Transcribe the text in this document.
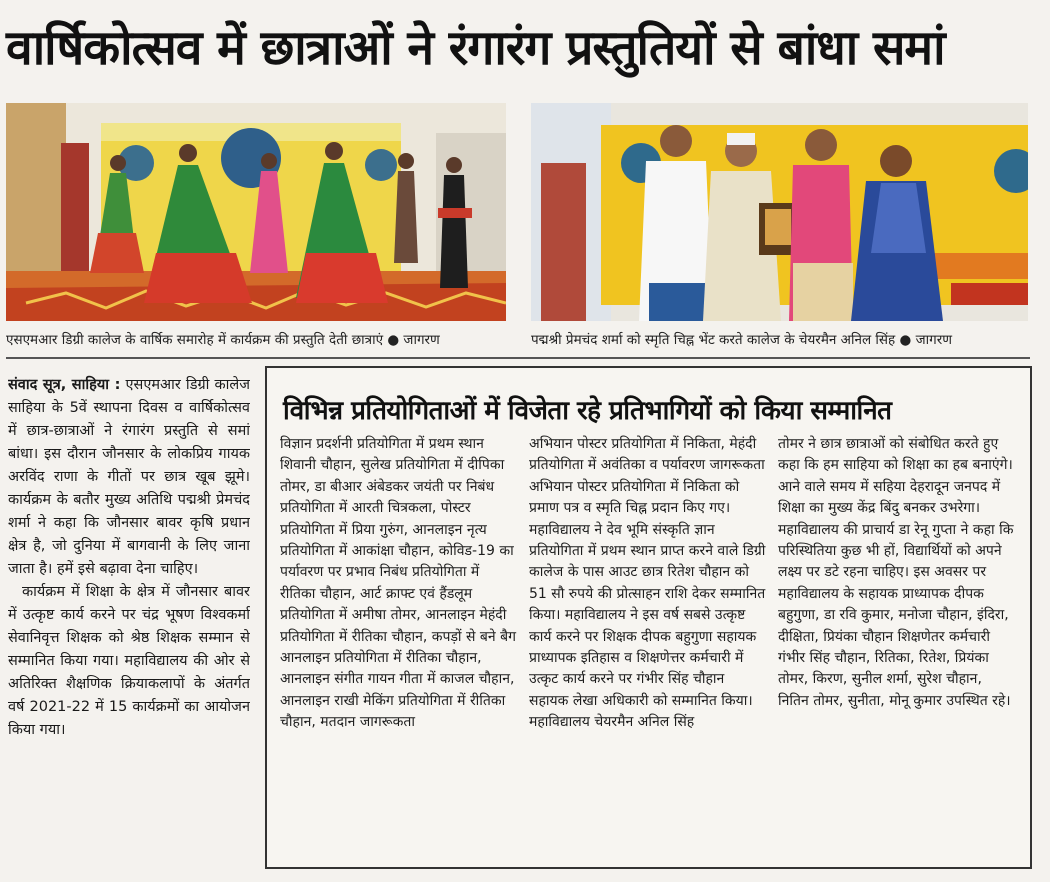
वार्षिकोत्सव में छात्राओं ने रंगारंग प्रस्तुतियों से बांधा समां
एसएमआर डिग्री कालेज के वार्षिक समारोह में कार्यक्रम की प्रस्तुति देती छात्राएं ● जागरण	पद्मश्री प्रेमचंद शर्मा को स्मृति चिह्न भेंट करते कालेज के चेयरमैन अनिल सिंह ● जागरण

संवाद सूत्र, साहिया : एसएमआर डिग्री कालेज साहिया के 5वें स्थापना दिवस व वार्षिकोत्सव में छात्र-छात्राओं ने रंगारंग प्रस्तुति से समां बांधा। इस दौरान जौनसार के लोकप्रिय गायक अरविंद राणा के गीतों पर छात्र खूब झूमे। कार्यक्रम के बतौर मुख्य अतिथि पद्मश्री प्रेमचंद शर्मा ने कहा कि जौनसार बावर कृषि प्रधान क्षेत्र है, जो दुनिया में बागवानी के लिए जाना जाता है। हमें इसे बढ़ावा देना चाहिए।

कार्यक्रम में शिक्षा के क्षेत्र में जौनसार बावर में उत्कृष्ट कार्य करने पर चंद्र भूषण विश्वकर्मा सेवानिवृत्त शिक्षक को श्रेष्ठ शिक्षक सम्मान से सम्मानित किया गया। महाविद्यालय की ओर से अतिरिक्त शैक्षणिक क्रियाकलापों के अंतर्गत वर्ष 2021-22 में 15 कार्यक्रमों का आयोजन किया गया।

विभिन्न प्रतियोगिताओं में विजेता रहे प्रतिभागियों को किया सम्मानित

विज्ञान प्रदर्शनी प्रतियोगिता में प्रथम स्थान शिवानी चौहान, सुलेख प्रतियोगिता में दीपिका तोमर, डा बीआर अंबेडकर जयंती पर निबंध प्रतियोगिता में आरती चित्रकला, पोस्टर प्रतियोगिता में प्रिया गुरुंग, आनलाइन नृत्य प्रतियोगिता में आकांक्षा चौहान, कोविड-19 का पर्यावरण पर प्रभाव निबंध प्रतियोगिता में रीतिका चौहान, आर्ट क्राफ्ट एवं हैंडलूम प्रतियोगिता में अमीषा तोमर, आनलाइन मेहंदी प्रतियोगिता में रीतिका चौहान, कपड़ों से बने बैग आनलाइन प्रतियोगिता में रीतिका चौहान, आनलाइन संगीत गायन गीता में काजल चौहान, आनलाइन राखी मेकिंग प्रतियोगिता में रीतिका चौहान, मतदान जागरूकता

अभियान पोस्टर प्रतियोगिता में निकिता, मेहंदी प्रतियोगिता में अवंतिका व पर्यावरण जागरूकता अभियान पोस्टर प्रतियोगिता में निकिता को प्रमाण पत्र व स्मृति चिह्न प्रदान किए गए। महाविद्यालय ने देव भूमि संस्कृति ज्ञान प्रतियोगिता में प्रथम स्थान प्राप्त करने वाले डिग्री कालेज के पास आउट छात्र रितेश चौहान को 51 सौ रुपये की प्रोत्साहन राशि देकर सम्मानित किया। महाविद्यालय ने इस वर्ष सबसे उत्कृष्ट कार्य करने पर शिक्षक दीपक बहुगुणा सहायक प्राध्यापक इतिहास व शिक्षणेत्तर कर्मचारी में उत्कृट कार्य करने पर गंभीर सिंह चौहान सहायक लेखा अधिकारी को सम्मानित किया। महाविद्यालय चेयरमैन अनिल सिंह

तोमर ने छात्र छात्राओं को संबोधित करते हुए कहा कि हम साहिया को शिक्षा का हब बनाएंगे। आने वाले समय में सहिया देहरादून जनपद में शिक्षा का मुख्य केंद्र बिंदु बनकर उभरेगा। महाविद्यालय की प्राचार्य डा रेनू गुप्ता ने कहा कि परिस्थितिया कुछ भी हों, विद्यार्थियों को अपने लक्ष्य पर डटे रहना चाहिए। इस अवसर पर महाविद्यालय के सहायक प्राध्यापक दीपक बहुगुणा, डा रवि कुमार, मनोजा चौहान, इंदिरा, दीक्षिता, प्रियंका चौहान शिक्षणेतर कर्मचारी गंभीर सिंह चौहान, रितिका, रितेश, प्रियंका तोमर, किरण, सुनील शर्मा, सुरेश चौहान, नितिन तोमर, सुनीता, मोनू कुमार उपस्थित रहे।
